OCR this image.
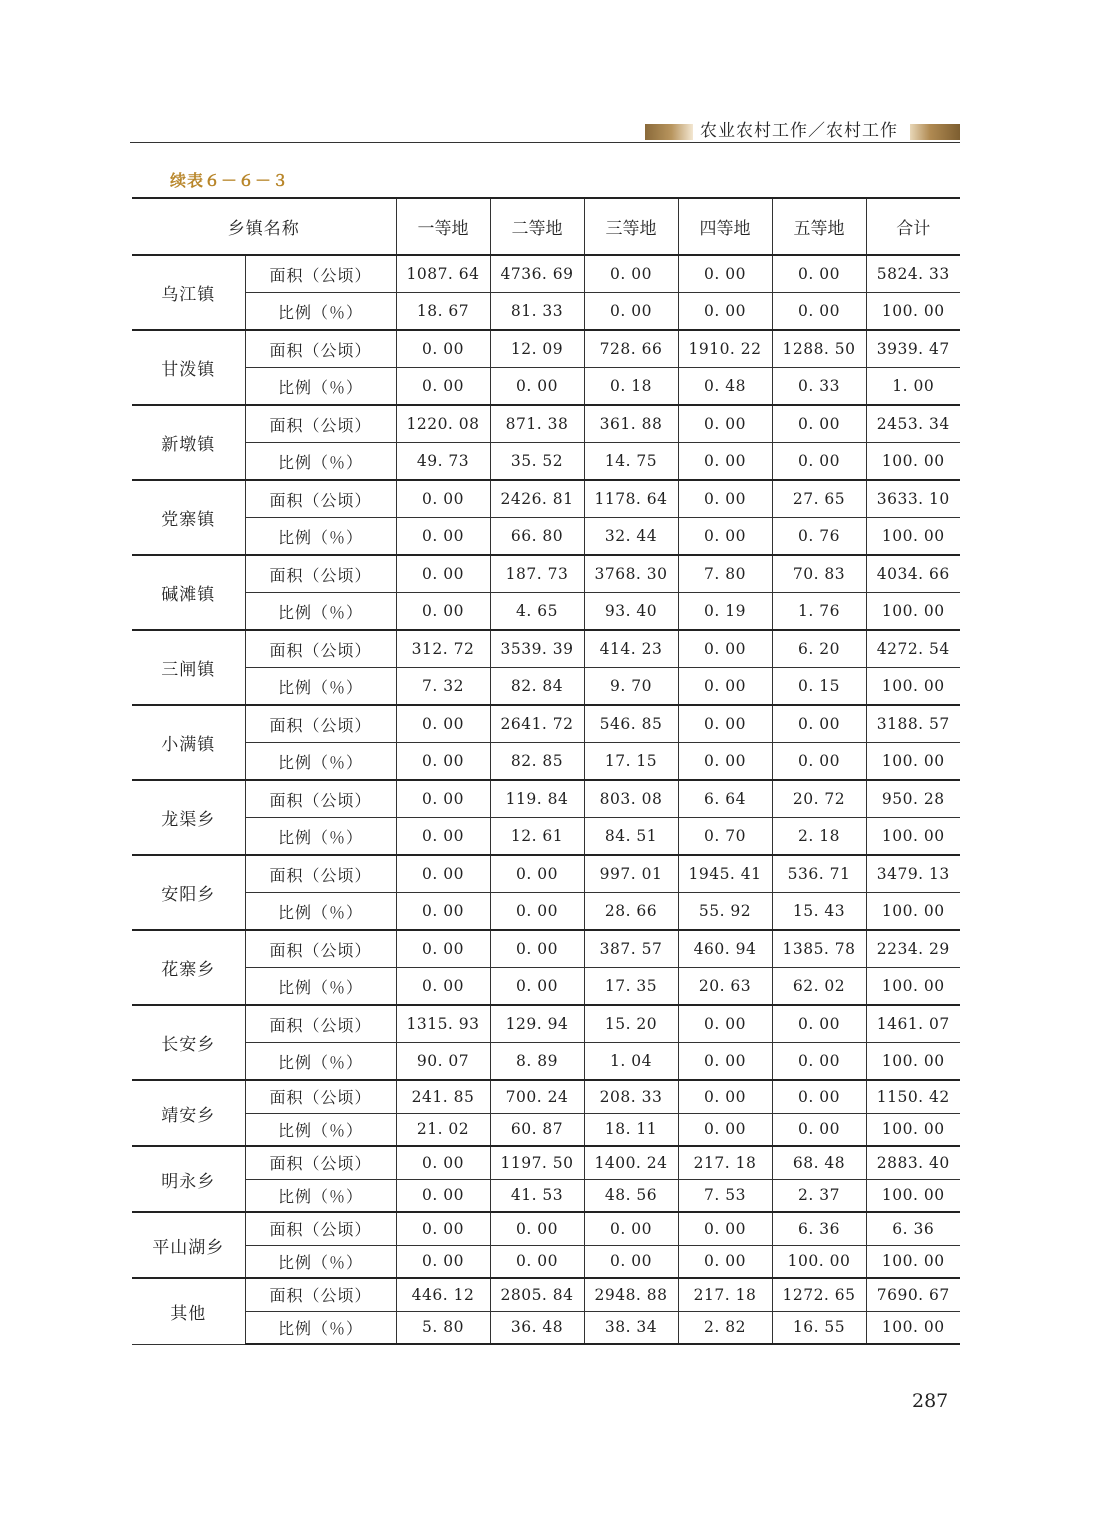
农业农村工作／农村工作
续表６－６－３
乡镇名称		一等地	二等地	三等地	四等地	五等地	合计
乌江镇	面积（公顷）	1087. 64	4736. 69	0. 00	0. 00	0. 00	5824. 33
	比例（％）	18. 67	81. 33	0. 00	0. 00	0. 00	100. 00
甘泼镇	面积（公顷）	0. 00	12. 09	728. 66	1910. 22	1288. 50	3939. 47
	比例（％）	0. 00	0. 00	0. 18	0. 48	0. 33	1. 00
新墩镇	面积（公顷）	1220. 08	871. 38	361. 88	0. 00	0. 00	2453. 34
	比例（％）	49. 73	35. 52	14. 75	0. 00	0. 00	100. 00
党寨镇	面积（公顷）	0. 00	2426. 81	1178. 64	0. 00	27. 65	3633. 10
	比例（％）	0. 00	66. 80	32. 44	0. 00	0. 76	100. 00
碱滩镇	面积（公顷）	0. 00	187. 73	3768. 30	7. 80	70. 83	4034. 66
	比例（％）	0. 00	4. 65	93. 40	0. 19	1. 76	100. 00
三闸镇	面积（公顷）	312. 72	3539. 39	414. 23	0. 00	6. 20	4272. 54
	比例（％）	7. 32	82. 84	9. 70	0. 00	0. 15	100. 00
小满镇	面积（公顷）	0. 00	2641. 72	546. 85	0. 00	0. 00	3188. 57
	比例（％）	0. 00	82. 85	17. 15	0. 00	0. 00	100. 00
龙渠乡	面积（公顷）	0. 00	119. 84	803. 08	6. 64	20. 72	950. 28
	比例（％）	0. 00	12. 61	84. 51	0. 70	2. 18	100. 00
安阳乡	面积（公顷）	0. 00	0. 00	997. 01	1945. 41	536. 71	3479. 13
	比例（％）	0. 00	0. 00	28. 66	55. 92	15. 43	100. 00
花寨乡	面积（公顷）	0. 00	0. 00	387. 57	460. 94	1385. 78	2234. 29
	比例（％）	0. 00	0. 00	17. 35	20. 63	62. 02	100. 00
长安乡	面积（公顷）	1315. 93	129. 94	15. 20	0. 00	0. 00	1461. 07
	比例（％）	90. 07	8. 89	1. 04	0. 00	0. 00	100. 00
靖安乡	面积（公顷）	241. 85	700. 24	208. 33	0. 00	0. 00	1150. 42
	比例（％）	21. 02	60. 87	18. 11	0. 00	0. 00	100. 00
明永乡	面积（公顷）	0. 00	1197. 50	1400. 24	217. 18	68. 48	2883. 40
	比例（％）	0. 00	41. 53	48. 56	7. 53	2. 37	100. 00
平山湖乡	面积（公顷）	0. 00	0. 00	0. 00	0. 00	6. 36	6. 36
	比例（％）	0. 00	0. 00	0. 00	0. 00	100. 00	100. 00
其他	面积（公顷）	446. 12	2805. 84	2948. 88	217. 18	1272. 65	7690. 67
	比例（％）	5. 80	36. 48	38. 34	2. 82	16. 55	100. 00
287
